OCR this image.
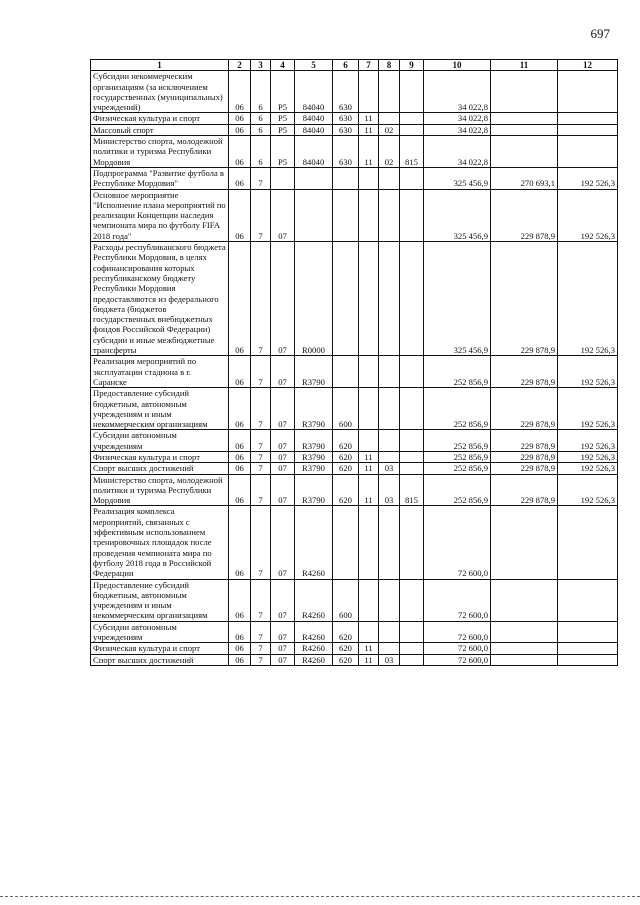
697
1	2	3	4	5	6	7	8	9	10	11	12
Субсидии некоммерческим организациям (за исключением государственных (муниципальных) учреждений)	06	6	P5	84040	630				34 022,8		
Физическая культура и спорт	06	6	P5	84040	630	11			34 022,8		
Массовый спорт	06	6	P5	84040	630	11	02		34 022,8		
Министерство спорта, молодежной политики и туризма Республики Мордовия	06	6	P5	84040	630	11	02	815	34 022,8		
Подпрограмма "Развитие футбола в Республике Мордовия"	06	7							325 456,9	270 693,1	192 526,3
Основное мероприятие "Исполнение плана мероприятий по реализации Концепции наследия чемпионата мира по футболу FIFA 2018 года"	06	7	07						325 456,9	229 878,9	192 526,3
Расходы республиканского бюджета Республики Мордовия, в целях софинансирования которых республиканскому бюджету Республики Мордовия предоставляются из федерального бюджета (бюджетов государственных внебюджетных фондов Российской Федерации) субсидии и иные межбюджетные трансферты	06	7	07	R0000					325 456,9	229 878,9	192 526,3
Реализация мероприятий по эксплуатации стадиона в г. Саранске	06	7	07	R3790					252 856,9	229 878,9	192 526,3
Предоставление субсидий бюджетным, автономным учреждениям и иным некоммерческим организациям	06	7	07	R3790	600				252 856,9	229 878,9	192 526,3
Субсидии автономным учреждениям	06	7	07	R3790	620				252 856,9	229 878,9	192 526,3
Физическая культура и спорт	06	7	07	R3790	620	11			252 856,9	229 878,9	192 526,3
Спорт высших достижений	06	7	07	R3790	620	11	03		252 856,9	229 878,9	192 526,3
Министерство спорта, молодежной политики и туризма Республики Мордовия	06	7	07	R3790	620	11	03	815	252 856,9	229 878,9	192 526,3
Реализация комплекса мероприятий, связанных с эффективным использованием тренировочных площадок после проведения чемпионата мира по футболу 2018 года в Российской Федерации	06	7	07	R4260					72 600,0		
Предоставление субсидий бюджетным, автономным учреждениям и иным некоммерческим организациям	06	7	07	R4260	600				72 600,0		
Субсидии автономным учреждениям	06	7	07	R4260	620				72 600,0		
Физическая культура и спорт	06	7	07	R4260	620	11			72 600,0		
Спорт высших достижений	06	7	07	R4260	620	11	03		72 600,0		
